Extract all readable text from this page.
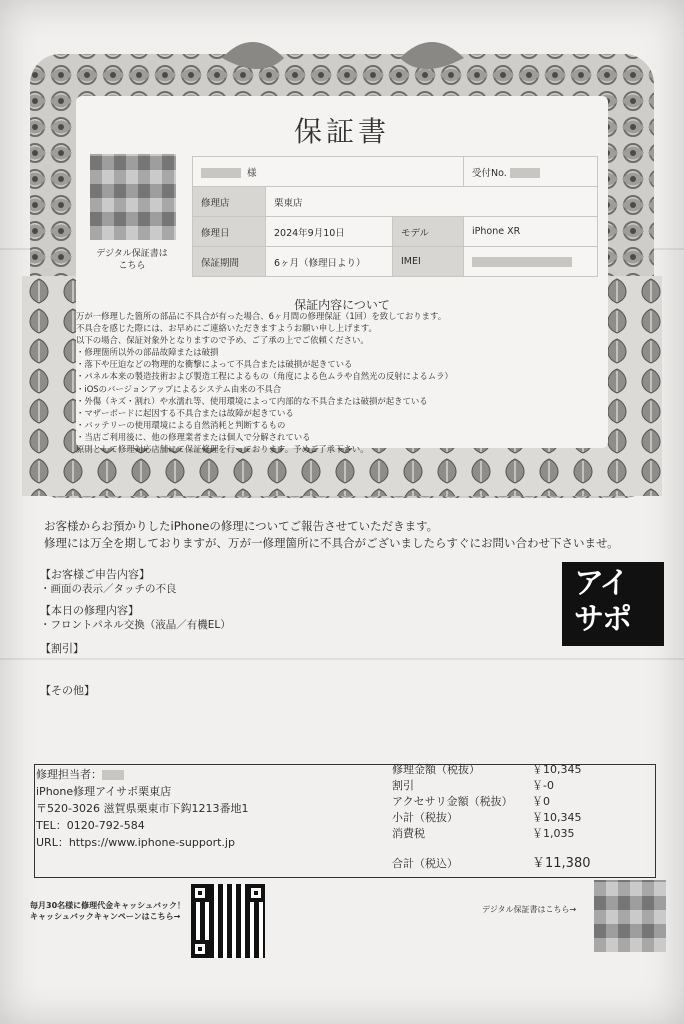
保証書
デジタル保証書は
こちら
様			受付No.
修理店	栗東店		
修理日	2024年9月10日	モデル	iPhone XR
保証期間	6ヶ月（修理日より）	IMEI	
保証内容について
万が一修理した箇所の部品に不具合が有った場合、6ヶ月間の修理保証（1回）を致しております。
不具合を感じた際には、お早めにご連絡いただきますようお願い申し上げます。
以下の場合、保証対象外となりますので予め、ご了承の上でご依頼ください。
・修理箇所以外の部品故障または破損
・落下や圧迫などの物理的な衝撃によって不具合または破損が起きている
・パネル本来の製造技術および製造工程によるもの（角度による色ムラや自然光の反射によるムラ）
・iOSのバージョンアップによるシステム由来の不具合
・外傷（キズ・割れ）や水濡れ等、使用環境によって内部的な不具合または破損が起きている
・マザーボードに起因する不具合または故障が起きている
・バッテリーの使用環境による自然消耗と判断するもの
・当店ご利用後に、他の修理業者または個人で分解されている
原則として修理対応店舗にて保証修理を行っております。予めご了承下さい。
お客様からお預かりしたiPhoneの修理についてご報告させていただきます。
修理には万全を期しておりますが、万が一修理箇所に不具合がございましたらすぐにお問い合わせ下さいませ。
【お客様ご申告内容】
・画面の表示／タッチの不良
【本日の修理内容】
・フロントパネル交換（液晶／有機EL）
【割引】
【その他】
アイ
サポ
修理担当者：
iPhone修理アイサポ栗東店
〒520-3026 滋賀県栗東市下鈎1213番地1
TEL：0120-792-584
URL：https://www.iphone-support.jp
修理金額（税抜）	￥10,345
割引	￥-0
アクセサリ金額（税抜）	￥0
小計（税抜）	￥10,345
消費税	￥1,035
合計（税込）	￥11,380
毎月30名様に修理代金キャッシュバック！
キャッシュバックキャンペーンはこちら→
デジタル保証書はこちら→
